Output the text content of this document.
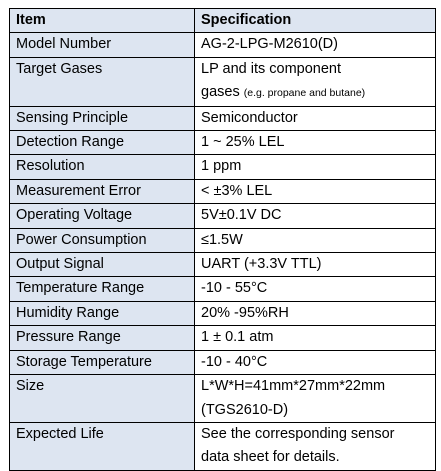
Item	Specification
Model Number	AG-2-LPG-M2610(D)
Target Gases	LP and its component
gases (e.g. propane and butane)

Sensing Principle	Semiconductor
Detection Range	1 ~ 25% LEL
Resolution	1 ppm
Measurement Error	< ±3% LEL
Operating Voltage	5V±0.1V DC
Power Consumption	≤1.5W
Output Signal	UART (+3.3V TTL)
Temperature Range	-10 - 55°C
Humidity Range	20% -95%RH
Pressure Range	1 ± 0.1 atm
Storage Temperature	-10 - 40°C
Size	L*W*H=41mm*27mm*22mm
(TGS2610-D)

Expected Life	See the corresponding sensor
data sheet for details.
